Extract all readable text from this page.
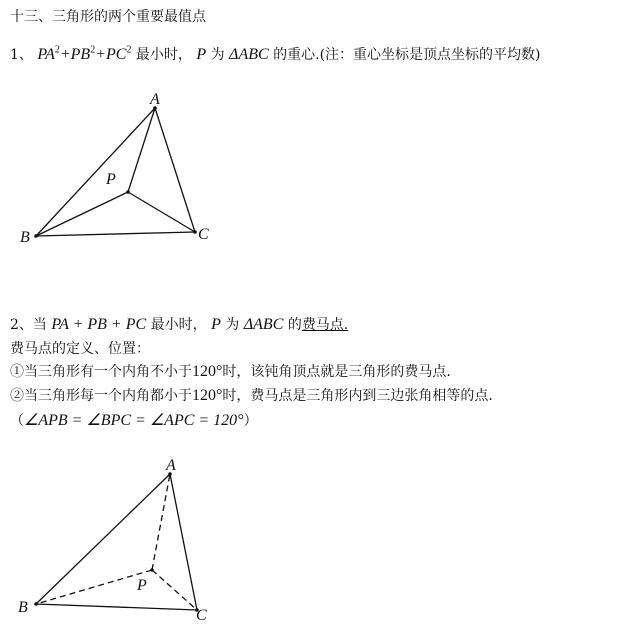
十三、三角形的两个重要最值点
1、 $PA^2+PB^2+PC^2$ 最小时， P 为 ΔABC 的重心.(注：重心坐标是顶点坐标的平均数)
A
B	C
P
A
B	C
P
2、当 PA + PB + PC 最小时， P 为 ΔABC 的费马点.
费马点的定义、位置：
①当三角形有一个内角不小于120°时，该钝角顶点就是三角形的费马点.
②当三角形每一个内角都小于120°时，费马点是三角形内到三边张角相等的点.
（∠APB = ∠BPC = ∠APC = 120°）
